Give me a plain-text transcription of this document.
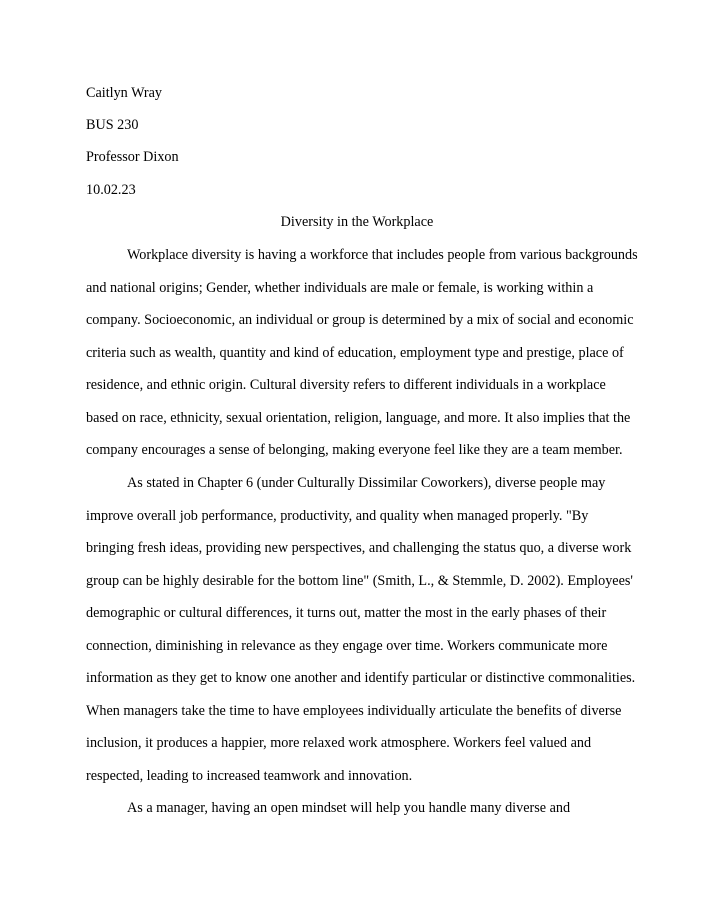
Caitlyn Wray
BUS 230
Professor Dixon
10.02.23
Diversity in the Workplace
Workplace diversity is having a workforce that includes people from various backgrounds
and national origins; Gender, whether individuals are male or female, is working within a
company. Socioeconomic, an individual or group is determined by a mix of social and economic
criteria such as wealth, quantity and kind of education, employment type and prestige, place of
residence, and ethnic origin. Cultural diversity refers to different individuals in a workplace
based on race, ethnicity, sexual orientation, religion, language, and more. It also implies that the
company encourages a sense of belonging, making everyone feel like they are a team member.
As stated in Chapter 6 (under Culturally Dissimilar Coworkers), diverse people may
improve overall job performance, productivity, and quality when managed properly. "By
bringing fresh ideas, providing new perspectives, and challenging the status quo, a diverse work
group can be highly desirable for the bottom line" (Smith, L., & Stemmle, D. 2002). Employees'
demographic or cultural differences, it turns out, matter the most in the early phases of their
connection, diminishing in relevance as they engage over time. Workers communicate more
information as they get to know one another and identify particular or distinctive commonalities.
When managers take the time to have employees individually articulate the benefits of diverse
inclusion, it produces a happier, more relaxed work atmosphere. Workers feel valued and
respected, leading to increased teamwork and innovation.
As a manager, having an open mindset will help you handle many diverse and
